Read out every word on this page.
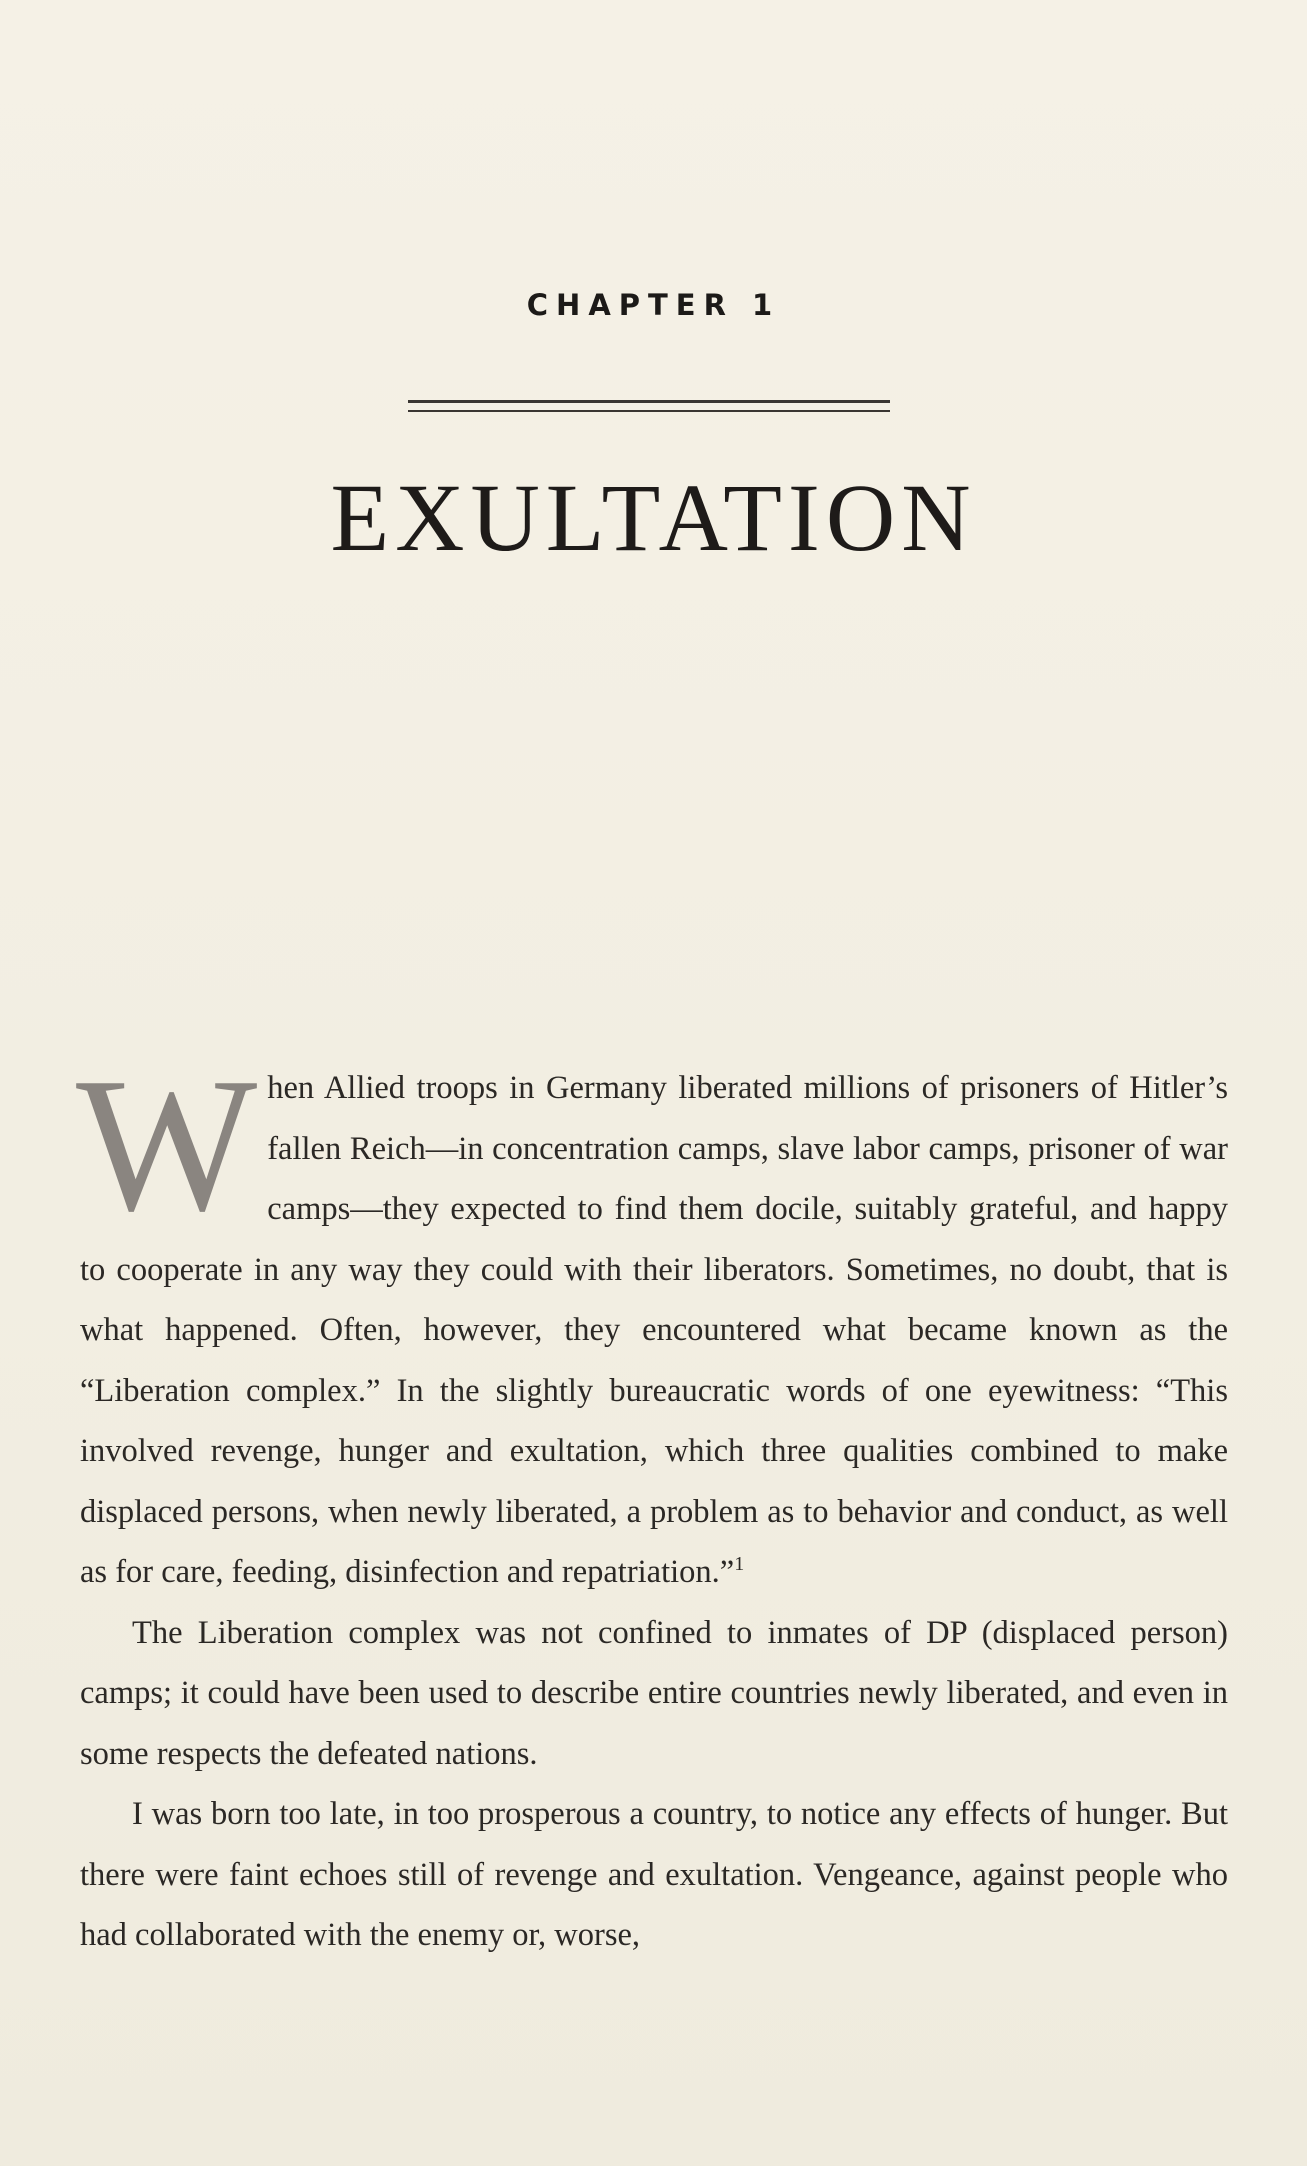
CHAPTER 1
EXULTATION

W hen Allied troops in Germany liberated millions of prisoners of Hitler’s fallen Reich—in concentration camps, slave labor camps, prisoner of war camps—they expected to find them docile, suitably grateful, and happy to cooperate in any way they could with their liberators. Sometimes, no doubt, that is what happened. Often, however, they encountered what became known as the “Liberation complex.” In the slightly bureaucratic words of one eyewitness: “This involved revenge, hunger and exultation, which three qualities combined to make displaced persons, when newly liberated, a problem as to behavior and conduct, as well as for care, feeding, disinfection and repatriation.”$^1$

The Liberation complex was not confined to inmates of DP (displaced person) camps; it could have been used to describe entire countries newly liberated, and even in some respects the defeated nations.

I was born too late, in too prosperous a country, to notice any effects of hunger. But there were faint echoes still of revenge and exultation. Vengeance, against people who had collaborated with the enemy or, worse,
